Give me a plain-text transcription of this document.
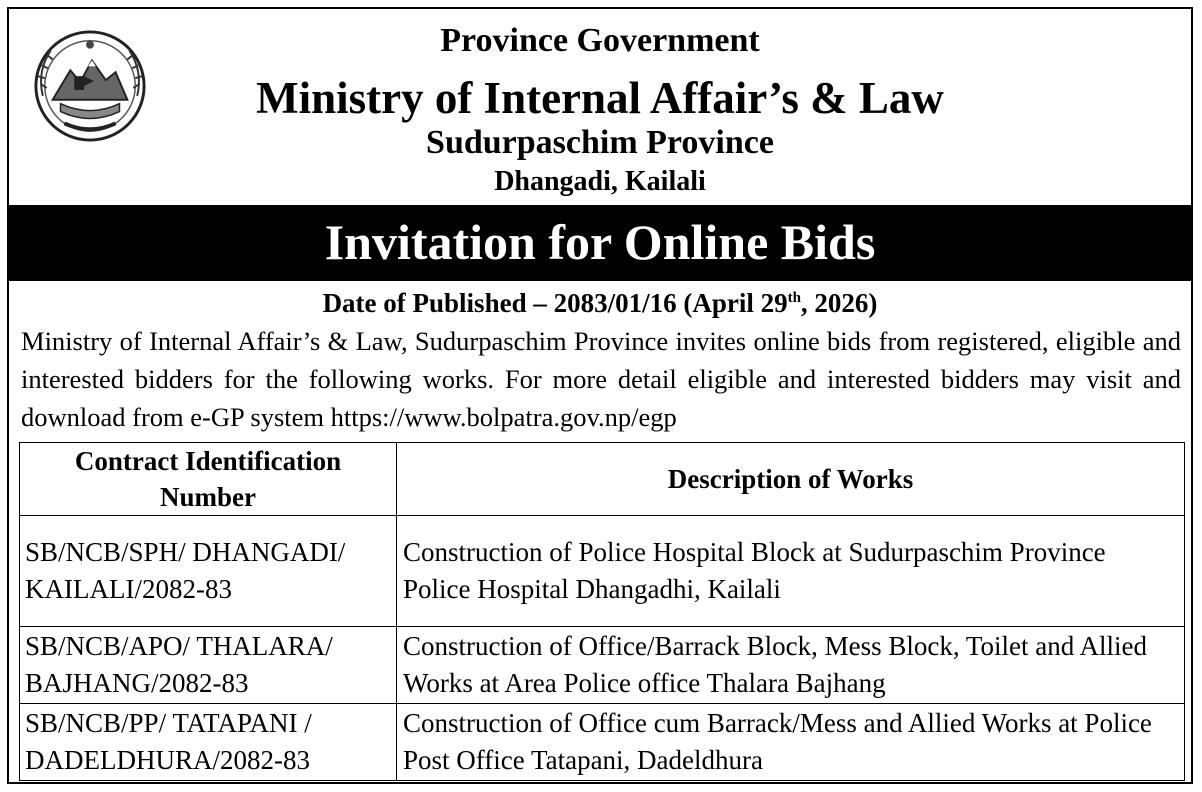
Province Government
Ministry of Internal Affair’s & Law
Sudurpaschim Province
Dhangadi, Kailali
Invitation for Online Bids
Date of Published – 2083/01/16 (April 29th, 2026)
Ministry of Internal Affair’s & Law, Sudurpaschim Province invites online bids from registered, eligible and interested bidders for the following works. For more detail eligible and interested bidders may visit and download from e-GP system https://www.bolpatra.gov.np/egp
Contract Identification Number	Description of Works
SB/NCB/SPH/ DHANGADI/ KAILALI/2082-83	Construction of Police Hospital Block at Sudurpaschim Province Police Hospital Dhangadhi, Kailali
SB/NCB/APO/ THALARA/ BAJHANG/2082-83	Construction of Office/Barrack Block, Mess Block, Toilet and Allied Works at Area Police office Thalara Bajhang
SB/NCB/PP/ TATAPANI / DADELDHURA/2082-83	Construction of Office cum Barrack/Mess and Allied Works at Police Post Office Tatapani, Dadeldhura
